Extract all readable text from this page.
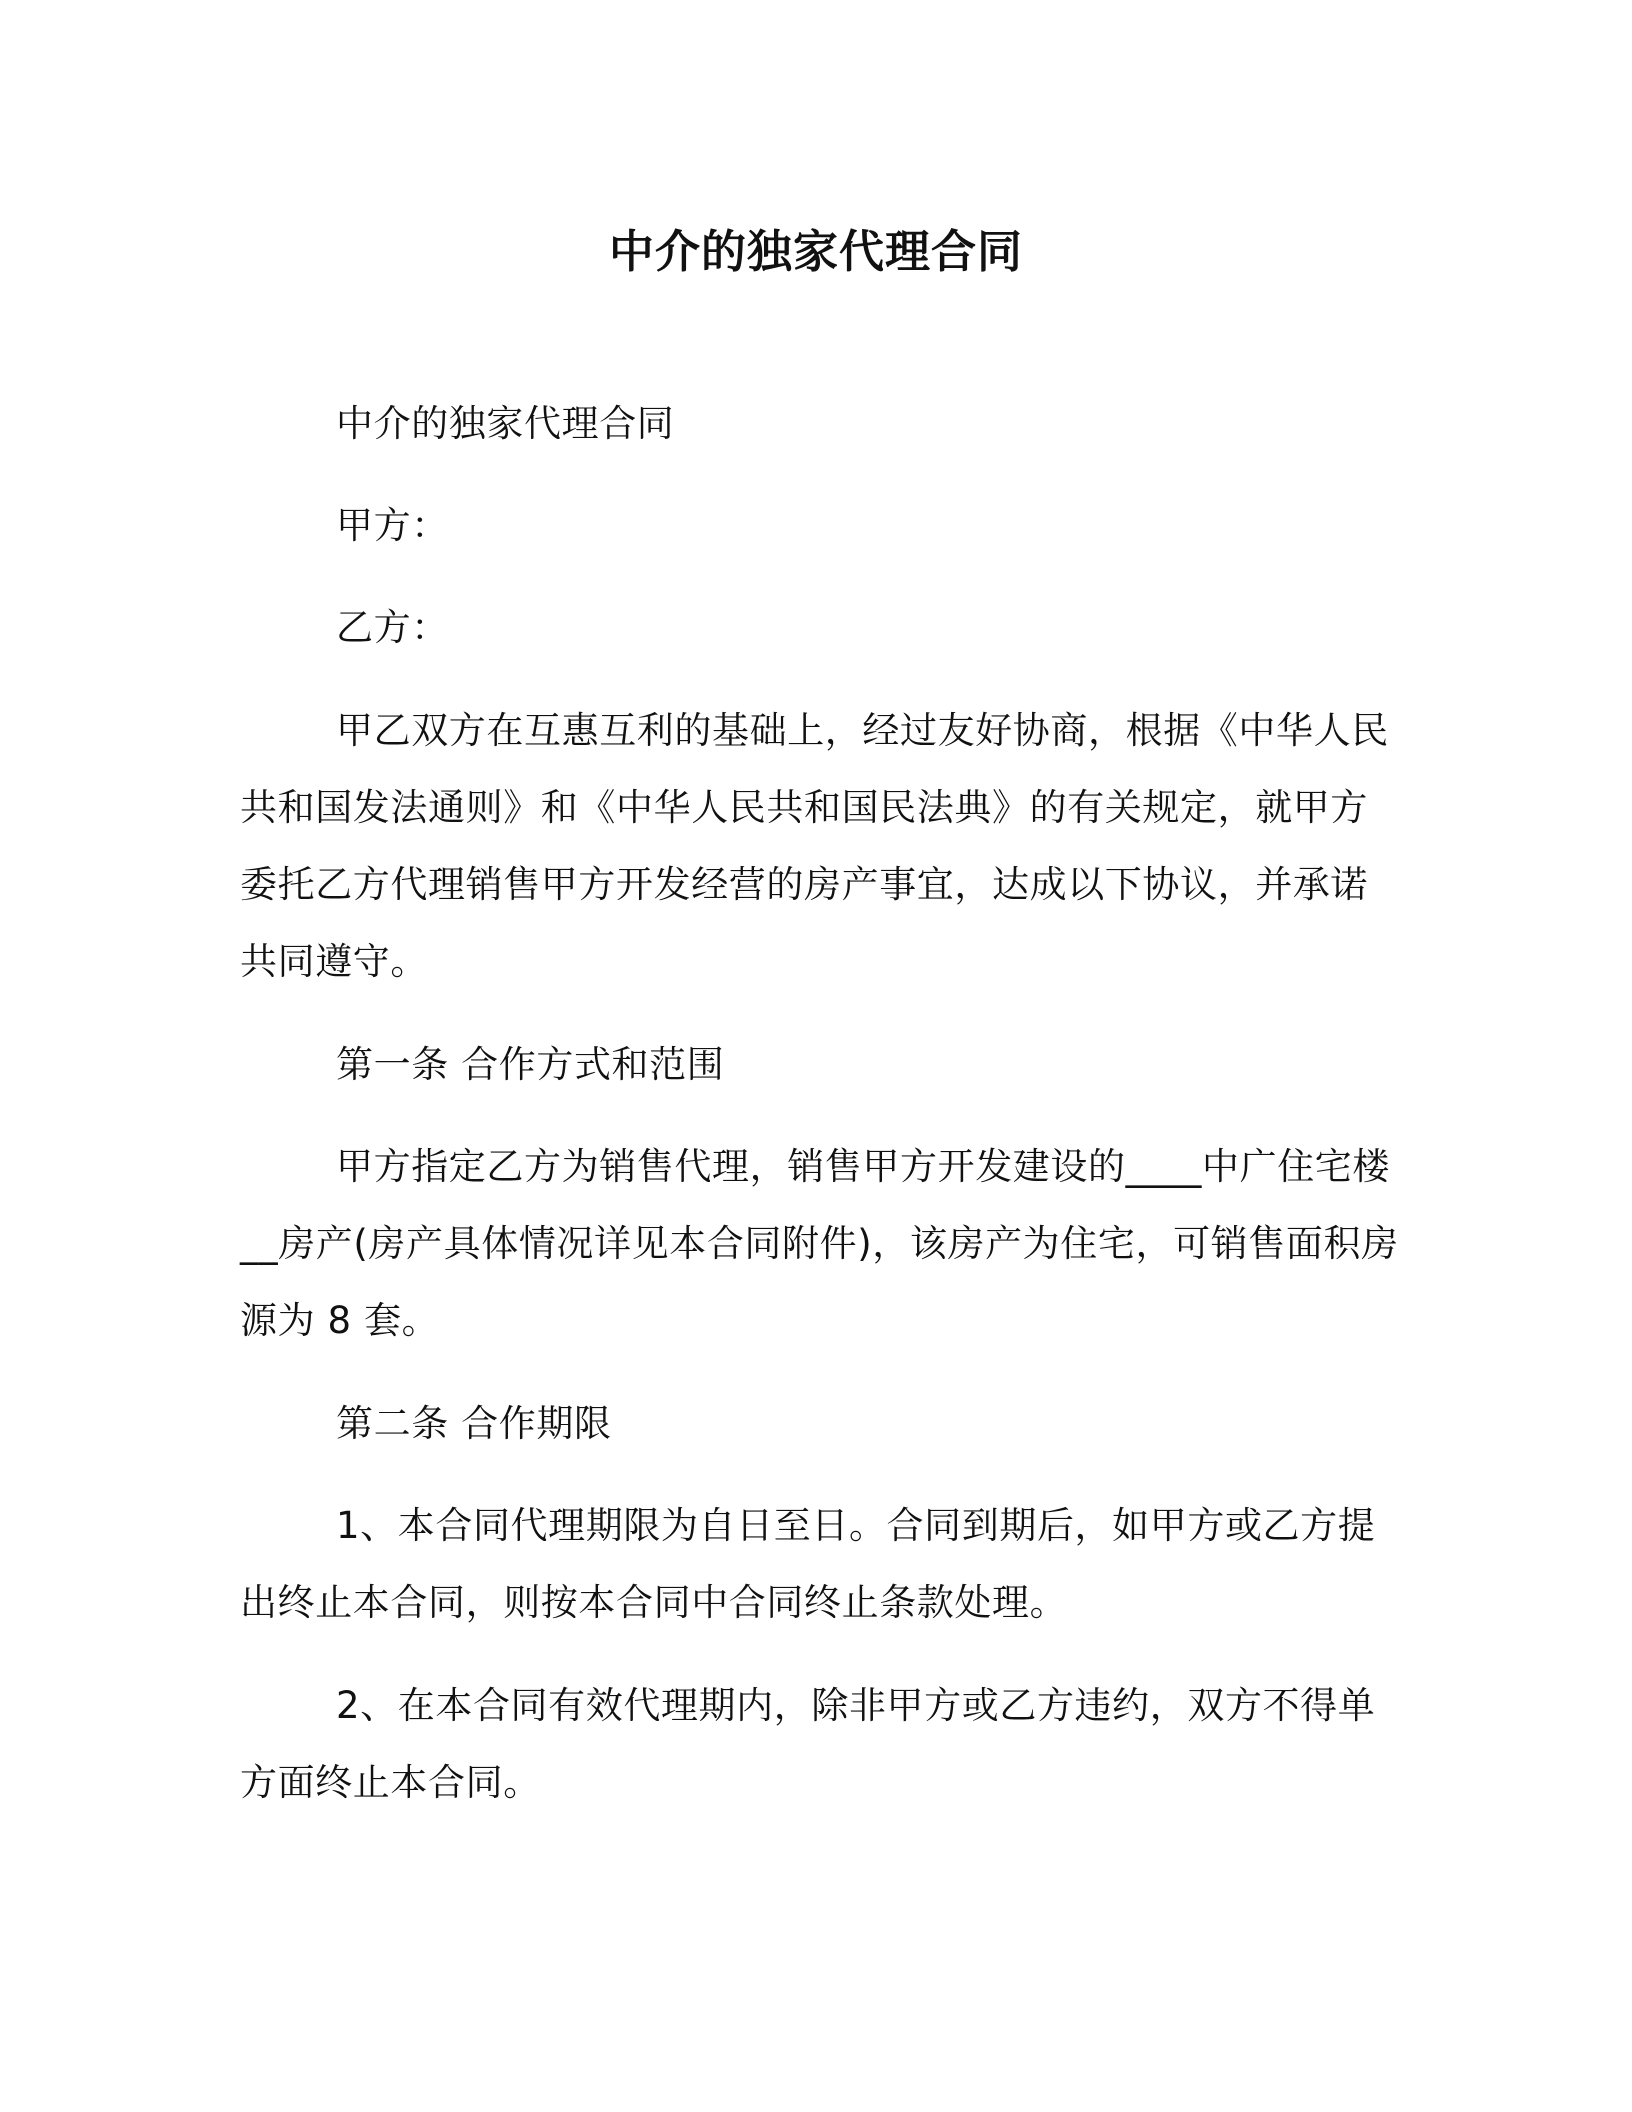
中介的独家代理合同

中介的独家代理合同

甲方：

乙方：

甲乙双方在互惠互利的基础上，经过友好协商，根据《中华人民
共和国发法通则》和《中华人民共和国民法典》的有关规定，就甲方
委托乙方代理销售甲方开发经营的房产事宜，达成以下协议，并承诺
共同遵守。

第一条 合作方式和范围

甲方指定乙方为销售代理，销售甲方开发建设的____中广住宅楼
__房产(房产具体情况详见本合同附件)，该房产为住宅，可销售面积房
源为 8 套。

第二条 合作期限

1、本合同代理期限为自日至日。合同到期后，如甲方或乙方提
出终止本合同，则按本合同中合同终止条款处理。

2、在本合同有效代理期内，除非甲方或乙方违约，双方不得单
方面终止本合同。
